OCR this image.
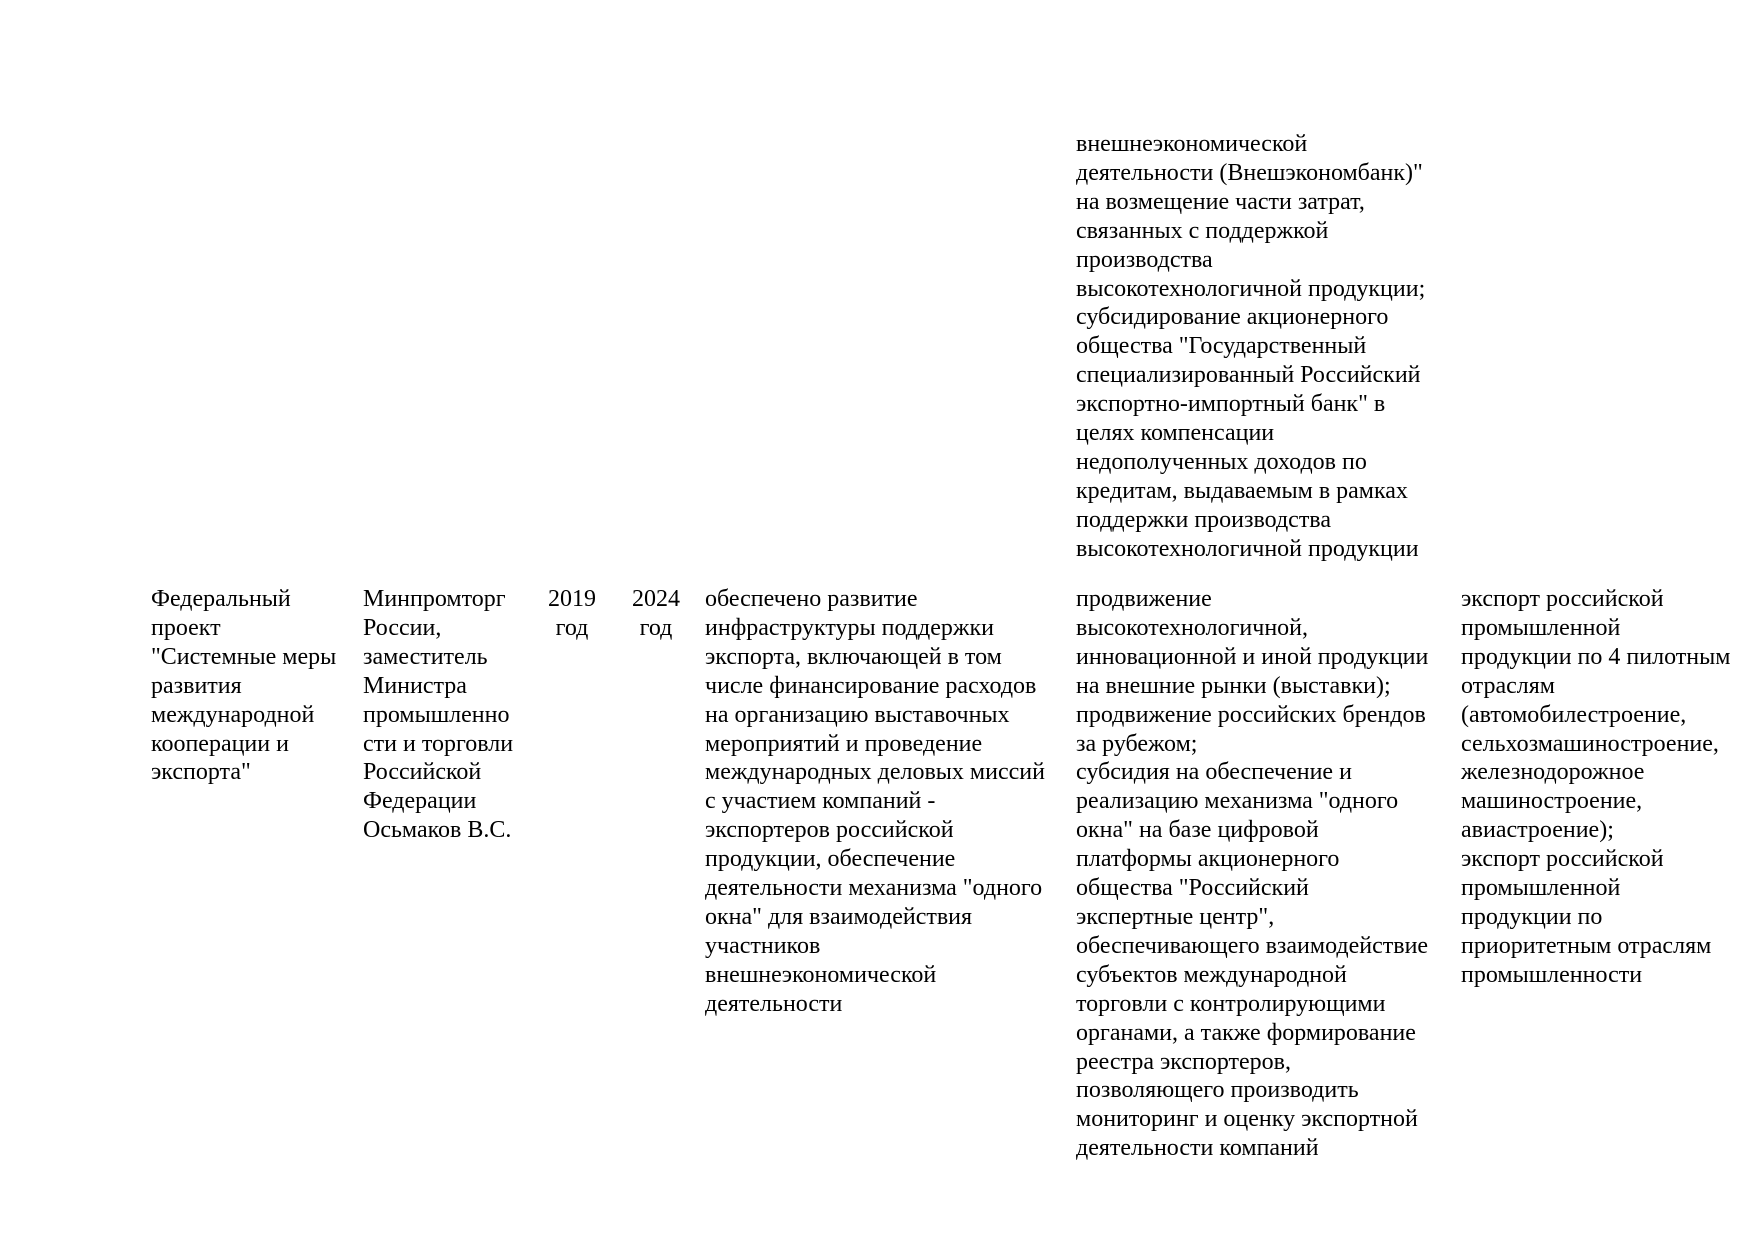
внешнеэкономической
деятельности (Внешэкономбанк)"
на возмещение части затрат,
связанных с поддержкой
производства
высокотехнологичной продукции;
субсидирование акционерного
общества "Государственный
специализированный Российский
экспортно-импортный банк" в
целях компенсации
недополученных доходов по
кредитам, выдаваемым в рамках
поддержки производства
высокотехнологичной продукции
Федеральный
проект
"Системные меры
развития
международной
кооперации и
экспорта"
Минпромторг
России,
заместитель
Министра
промышленно
сти и торговли
Российской
Федерации
Осьмаков В.С.
2019
год
2024
год
обеспечено развитие
инфраструктуры поддержки
экспорта, включающей в том
числе финансирование расходов
на организацию выставочных
мероприятий и проведение
международных деловых миссий
с участием компаний -
экспортеров российской
продукции, обеспечение
деятельности механизма "одного
окна" для взаимодействия
участников
внешнеэкономической
деятельности
продвижение
высокотехнологичной,
инновационной и иной продукции
на внешние рынки (выставки);
продвижение российских брендов
за рубежом;
субсидия на обеспечение и
реализацию механизма "одного
окна" на базе цифровой
платформы акционерного
общества "Российский
экспертные центр",
обеспечивающего взаимодействие
субъектов международной
торговли с контролирующими
органами, а также формирование
реестра экспортеров,
позволяющего производить
мониторинг и оценку экспортной
деятельности компаний
экспорт российской
промышленной
продукции по 4 пилотным
отраслям
(автомобилестроение,
сельхозмашиностроение,
железнодорожное
машиностроение,
авиастроение);
экспорт российской
промышленной
продукции по
приоритетным отраслям
промышленности
